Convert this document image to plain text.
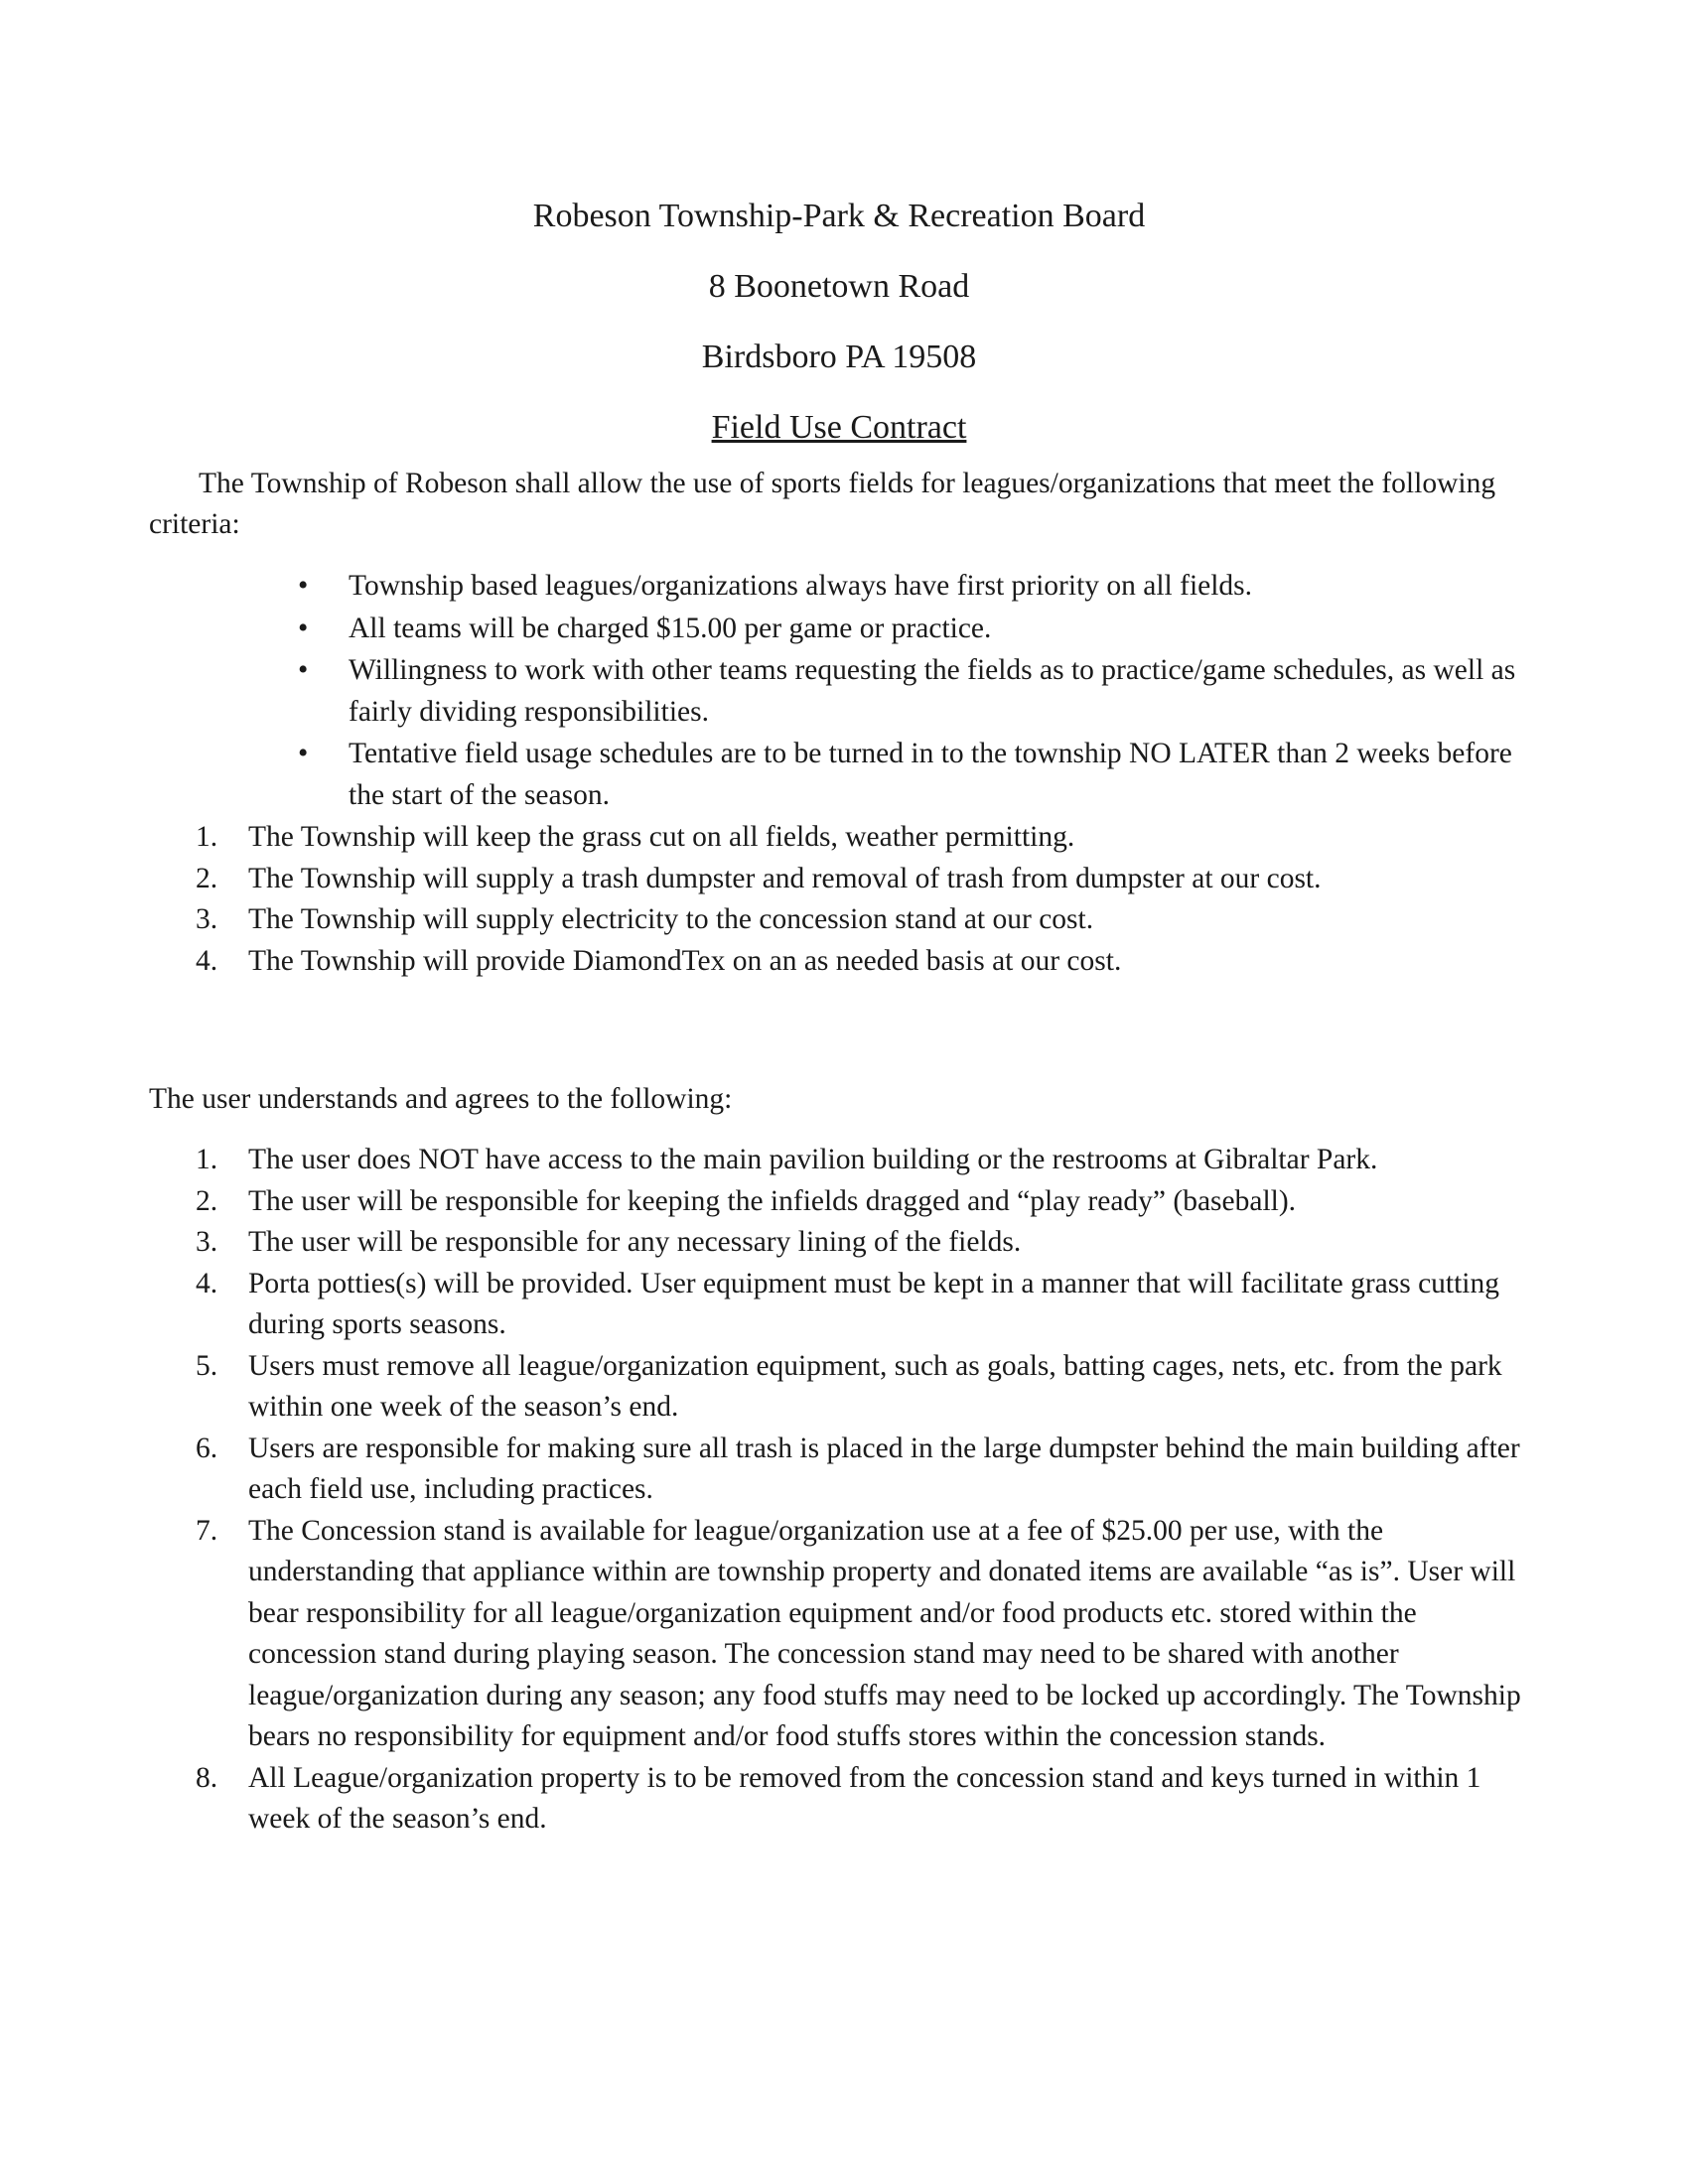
Robeson Township-Park & Recreation Board
8 Boonetown Road
Birdsboro PA 19508
Field Use Contract

The Township of Robeson shall allow the use of sports fields for leagues/organizations that meet the following criteria:

• Township based leagues/organizations always have first priority on all fields.
• All teams will be charged $15.00 per game or practice.
• Willingness to work with other teams requesting the fields as to practice/game schedules, as well as fairly dividing responsibilities.
• Tentative field usage schedules are to be turned in to the township NO LATER than 2 weeks before the start of the season.
1. The Township will keep the grass cut on all fields, weather permitting.
2. The Township will supply a trash dumpster and removal of trash from dumpster at our cost.
3. The Township will supply electricity to the concession stand at our cost.
4. The Township will provide DiamondTex on an as needed basis at our cost.

The user understands and agrees to the following:

1. The user does NOT have access to the main pavilion building or the restrooms at Gibraltar Park.
2. The user will be responsible for keeping the infields dragged and “play ready” (baseball).
3. The user will be responsible for any necessary lining of the fields.
4. Porta potties(s) will be provided. User equipment must be kept in a manner that will facilitate grass cutting during sports seasons.
5. Users must remove all league/organization equipment, such as goals, batting cages, nets, etc. from the park within one week of the season’s end.
6. Users are responsible for making sure all trash is placed in the large dumpster behind the main building after each field use, including practices.
7. The Concession stand is available for league/organization use at a fee of $25.00 per use, with the understanding that appliance within are township property and donated items are available “as is”. User will bear responsibility for all league/organization equipment and/or food products etc. stored within the concession stand during playing season. The concession stand may need to be shared with another league/organization during any season; any food stuffs may need to be locked up accordingly. The Township bears no responsibility for equipment and/or food stuffs stores within the concession stands.
8. All League/organization property is to be removed from the concession stand and keys turned in within 1 week of the season’s end.
